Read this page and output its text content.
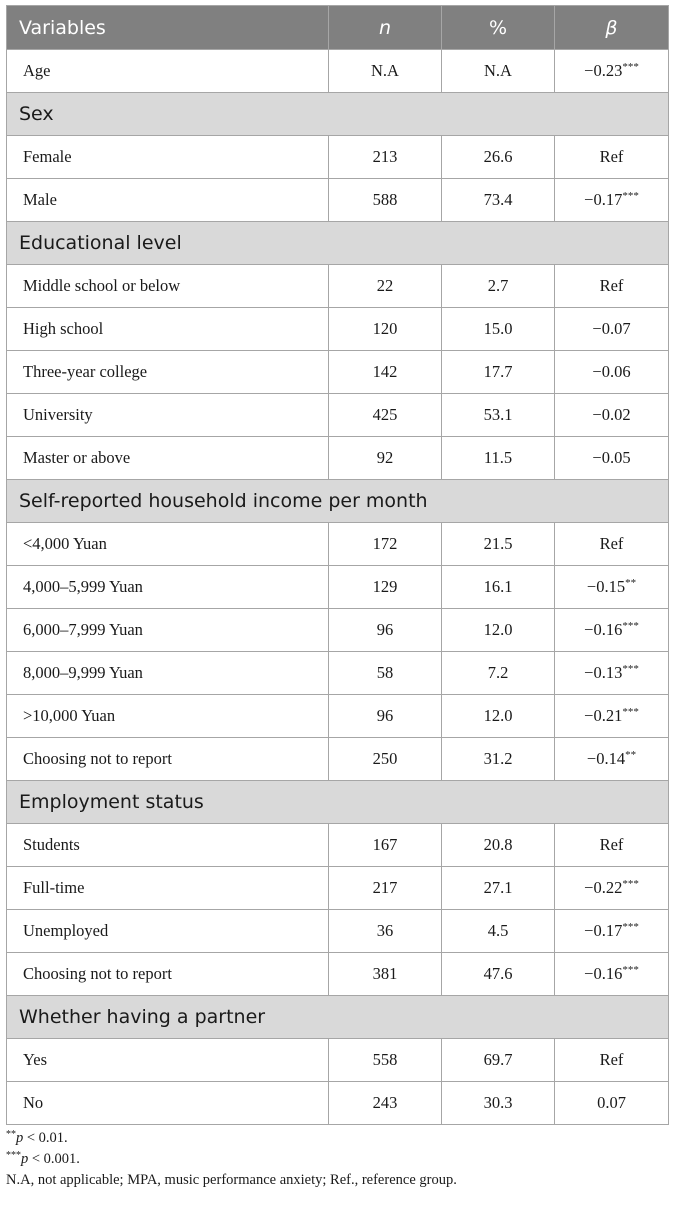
Variables	n	%	β
Age	N.A	N.A	−0.23***
Sex			
Female	213	26.6	Ref
Male	588	73.4	−0.17***
Educational level			
Middle school or below	22	2.7	Ref
High school	120	15.0	−0.07
Three-year college	142	17.7	−0.06
University	425	53.1	−0.02
Master or above	92	11.5	−0.05
Self-reported household income per month			
<4,000 Yuan	172	21.5	Ref
4,000–5,999 Yuan	129	16.1	−0.15**
6,000–7,999 Yuan	96	12.0	−0.16***
8,000–9,999 Yuan	58	7.2	−0.13***
>10,000 Yuan	96	12.0	−0.21***
Choosing not to report	250	31.2	−0.14**
Employment status			
Students	167	20.8	Ref
Full-time	217	27.1	−0.22***
Unemployed	36	4.5	−0.17***
Choosing not to report	381	47.6	−0.16***
Whether having a partner			
Yes	558	69.7	Ref
No	243	30.3	0.07
**p < 0.01.
***p < 0.001.
N.A, not applicable; MPA, music performance anxiety; Ref., reference group.
